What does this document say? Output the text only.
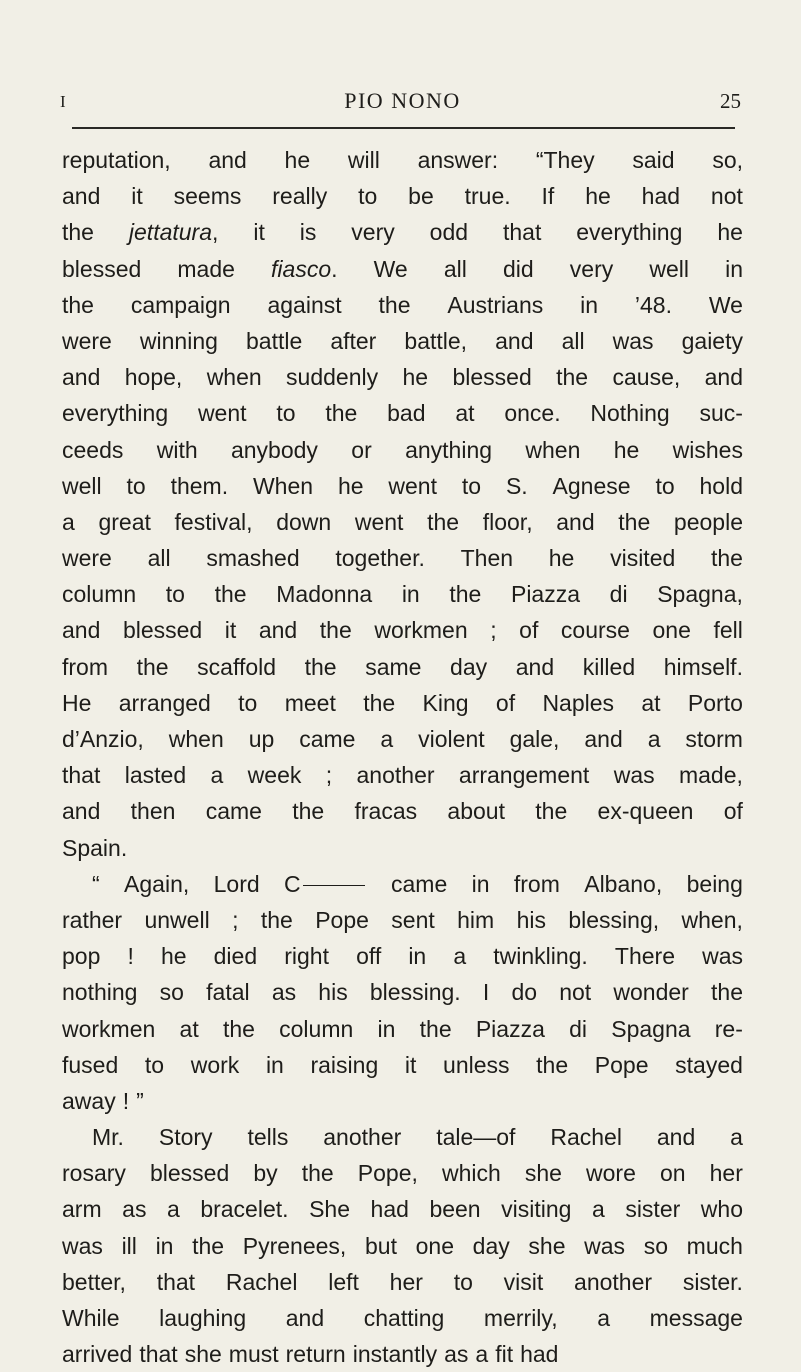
I	PIO NONO	25
reputation, and he will answer: “They said so,
and it seems really to be true. If he had not
the jettatura, it is very odd that everything he
blessed made fiasco. We all did very well in
the campaign against the Austrians in ’48. We
were winning battle after battle, and all was gaiety
and hope, when suddenly he blessed the cause, and
everything went to the bad at once. Nothing suc-
ceeds with anybody or anything when he wishes
well to them. When he went to S. Agnese to hold
a great festival, down went the floor, and the people
were all smashed together. Then he visited the
column to the Madonna in the Piazza di Spagna,
and blessed it and the workmen ; of course one fell
from the scaffold the same day and killed himself.
He arranged to meet the King of Naples at Porto
d’Anzio, when up came a violent gale, and a storm
that lasted a week ; another arrangement was made,
and then came the fracas about the ex-queen of
Spain.
“ Again, Lord C	came in from Albano, being
rather unwell ; the Pope sent him his blessing, when,
pop ! he died right off in a twinkling. There was
nothing so fatal as his blessing. I do not wonder the
workmen at the column in the Piazza di Spagna re-
fused to work in raising it unless the Pope stayed
away ! ”
Mr. Story tells another tale—of Rachel and a
rosary blessed by the Pope, which she wore on her
arm as a bracelet. She had been visiting a sister who
was ill in the Pyrenees, but one day she was so much
better, that Rachel left her to visit another sister.
While laughing and chatting merrily, a message
arrived that she must return instantly as a fit had
